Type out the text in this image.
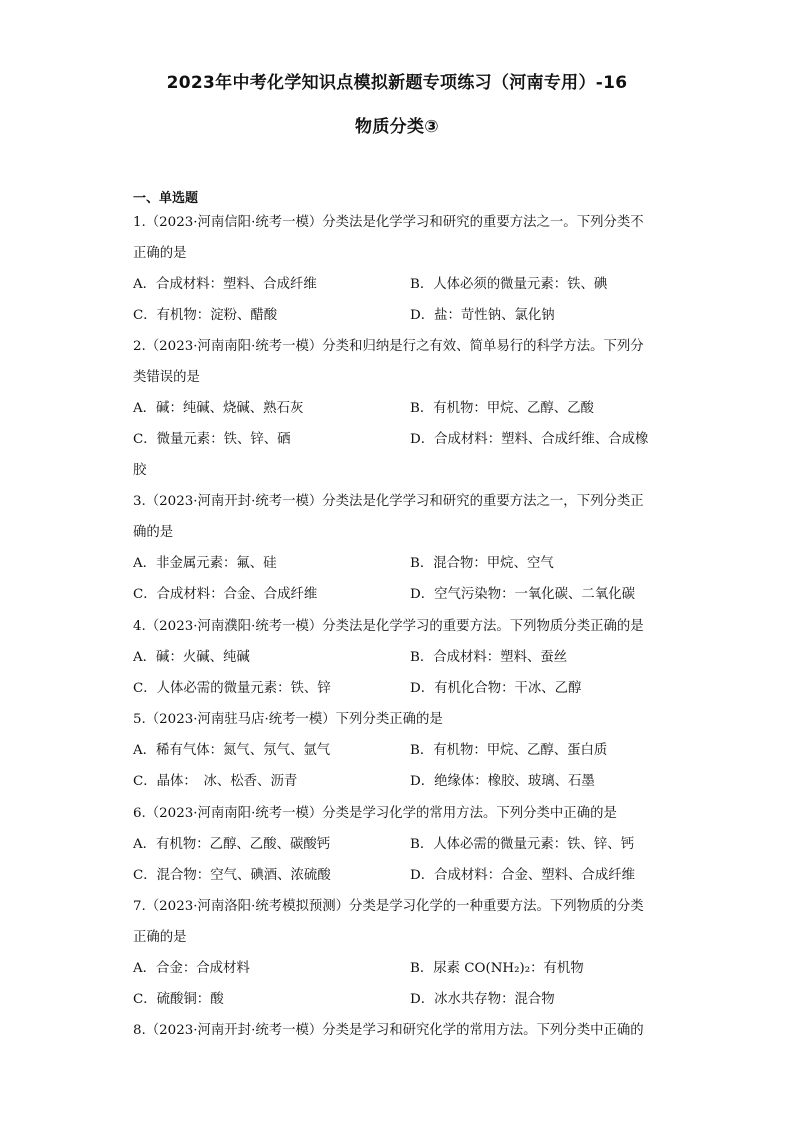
2023年中考化学知识点模拟新题专项练习（河南专用）-16
物质分类③
一、单选题
1.（2023·河南信阳·统考一模）分类法是化学学习和研究的重要方法之一。下列分类不
正确的是
A．合成材料：塑料、合成纤维	B．人体必须的微量元素：铁、碘
C．有机物：淀粉、醋酸	D．盐：苛性钠、氯化钠
2.（2023·河南南阳·统考一模）分类和归纳是行之有效、简单易行的科学方法。下列分
类错误的是
A．碱：纯碱、烧碱、熟石灰	B．有机物：甲烷、乙醇、乙酸
C．微量元素：铁、锌、硒	D．合成材料：塑料、合成纤维、合成橡
胶
3.（2023·河南开封·统考一模）分类法是化学学习和研究的重要方法之一，下列分类正
确的是
A．非金属元素：氟、硅	B．混合物：甲烷、空气
C．合成材料：合金、合成纤维	D．空气污染物：一氧化碳、二氧化碳
4.（2023·河南濮阳·统考一模）分类法是化学学习的重要方法。下列物质分类正确的是
A．碱：火碱、纯碱	B．合成材料：塑料、蚕丝
C．人体必需的微量元素：铁、锌	D．有机化合物：干冰、乙醇
5.（2023·河南驻马店·统考一模）下列分类正确的是
A．稀有气体：氮气、氖气、氩气	B．有机物：甲烷、乙醇、蛋白质
C．晶体：　冰、松香、沥青	D．绝缘体：橡胶、玻璃、石墨
6.（2023·河南南阳·统考一模）分类是学习化学的常用方法。下列分类中正确的是
A．有机物：乙醇、乙酸、碳酸钙	B．人体必需的微量元素：铁、锌、钙
C．混合物：空气、碘酒、浓硫酸	D．合成材料：合金、塑料、合成纤维
7.（2023·河南洛阳·统考模拟预测）分类是学习化学的一种重要方法。下列物质的分类
正确的是
A．合金：合成材料	B．尿素 CO(NH₂)₂：有机物
C．硫酸铜：酸	D．冰水共存物：混合物
8.（2023·河南开封·统考一模）分类是学习和研究化学的常用方法。下列分类中正确的
